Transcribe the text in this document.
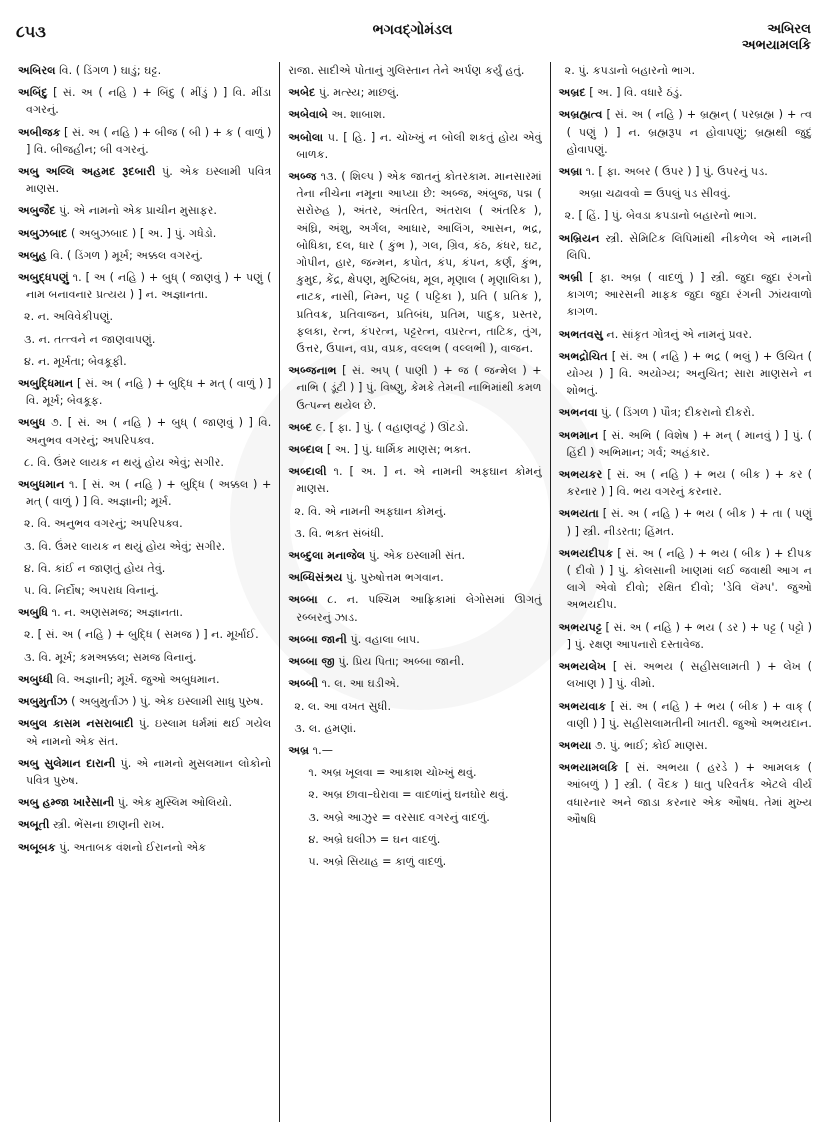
૮૫૩	ભગવદ્ગોમંડલ	અબિરલ
અભયામલકિ

અબિરલ વિ. ( ડિંગળ ) ઘાડું; ઘટ્ટ.

અબિંદુ [ સં. અ ( નહિ ) + બિંદુ ( મીંડું ) ] વિ. મીંડા વગરનું.

અબીજક [ સં. અ ( નહિ ) + બીજ ( બી ) + ક ( વાળું ) ] વિ. બીજહીન; બી વગરનું.

અબુ અલ્લિ અહમદ રૂદબારી પું. એક ઇસ્લામી પવિત્ર માણસ.

અબુજૈદ પું. એ નામનો એક પ્રાચીન મુસાફર.

અબુઝબાદ ( અબુઝબાદ ) [ અ. ] પું. ગધેડો.

અબુહ વિ. ( ડિંગળ ) મૂર્ખ; અક્કલ વગરનું.

અબુદ્ધપણું ૧. [ અ ( નહિ ) + બુધ્ ( જાણવું ) + પણું ( નામ બનાવનાર પ્રત્યય ) ] ન. અજ્ઞાનતા.

૨. ન. અવિવેકીપણું.

૩. ન. તત્ત્વને ન જાણવાપણું.

૪. ન. મૂર્ખતા; બેવકૂફી.

અબુદ્ધિમાન [ સં. અ ( નહિ ) + બુદ્ધિ + મત્ ( વાળું ) ] વિ. મૂર્ખ; બેવકૂફ.

અબુધ ૭. [ સં. અ ( નહિ ) + બુધ્ ( જાણવું ) ] વિ. અનુભવ વગરનું; અપરિપક્વ.

૮. વિ. ઉંમર લાયક ન થયું હોય એવું; સગીર.

અબુધમાન ૧. [ સં. અ ( નહિ ) + બુદ્ધિ ( અક્કલ ) + મત્ ( વાળું ) ] વિ. અજ્ઞાની; મૂર્ખ.

૨. વિ. અનુભવ વગરનું; અપરિપક્વ.

૩. વિ. ઉંમર લાયક ન થયું હોય એવું; સગીર.

૪. વિ. કાંઈ ન જાણતું હોય તેવું.

૫. વિ. નિર્દોષ; અપરાધ વિનાનું.

અબુધિ ૧. ન. અણસમજ; અજ્ઞાનતા.

૨. [ સં. અ ( નહિ ) + બુદ્ધિ ( સમજ ) ] ન. મૂર્ખાઈ.

૩. વિ. મૂર્ખ; કમઅક્કલ; સમજ વિનાનું.

અબુધ્ધી વિ. અજ્ઞાની; મૂર્ખ. જુઓ અબુધમાન.

અબુમુર્તાઝ ( અબુમુર્તાઝ ) પું. એક ઇસ્લામી સાધુ પુરુષ.

અબુલ કાસમ નસરાબાદી પું. ઇસ્લામ ધર્મમાં થઈ ગયેલ એ નામનો એક સંત.

અબુ સુલેમાન દારાની પું. એ નામનો મુસલમાન લોકોનો પવિત્ર પુરુષ.

અબુ હમ્જા ખારેસાની પું. એક મુસ્લિમ ઓલિયો.

અબૂતી સ્ત્રી. ભેંસના છાણની રાખ.

અબૂબક પું. અતાબક વંશનો ઈરાનનો એક

રાજા. સાદીએ પોતાનું ગુલિસ્તાન તેને અર્પણ કર્યું હતું.

અબેદ પું. મત્સ્ય; માછલું.

અબેવાબે અ. શાબાશ.

અબોલા ૫. [ હિ. ] ન. ચોખ્ખું ન બોલી શકતું હોય એવું બાળક.

અબ્જ ૧૩. ( શિલ્પ ) એક જાતનું કોતરકામ. માનસારમાં તેના નીચેના નમૂના આપ્યા છે: અબ્જ, અંબુજ, પદ્મ ( સરોરુહ ), અંતર, અંતરિત, અંતરાલ ( અંતરિક ), અંઘ્રિ, અંશુ, અર્ગલ, આધાર, આલિંગ, આસન, ભદ્ર, બોધિકા, દલ, ધાર ( કુંભ ), ગલ, ગ્રિવ, કંઠ, કંધર, ઘટ, ગોપીન, હાર, જન્મન, કપોત, કંપ, કંપન, કર્ણ, કુંભ, કુમુદ, કેંદ્ર, ક્ષેપણ, મુષ્ટિબંધ, મૂલ, મૃણાલ ( મૃણાલિકા ), નાટક, નાસી, નિમ્ન, પટ્ટ ( પટ્ટિકા ), પ્રતિ ( પ્રતિક ), પ્રતિવક્ર, પ્રતિવાજન, પ્રતિબંધ, પ્રતિમ, પાદુક, પ્રસ્તર, ફલકા, રત્ન, કંપરત્ન, પટ્ટરત્ન, વપ્રરત્ન, તાટિક, તુંગ, ઉત્તર, ઉપાન, વપ્ર, વપ્રક, વલ્લભ ( વલ્લભી ), વાજન.

અબ્જનાભ [ સં. અપ્ ( પાણી ) + જ ( જન્મેલ ) + નાભિ ( ડૂંટી ) ] પું. વિષ્ણુ, કેમકે તેમની નાભિમાંથી કમળ ઉત્પન્ન થયેલ છે.

અબ્દ ૯. [ ફા. ] પું. ( વહાણવટું ) ઊંટડો.

અબ્દાલ [ અ. ] પું. ધાર્મિક માણસ; ભક્ત.

અબ્દાલી ૧. [ અ. ] ન. એ નામની અફઘાન કોમનું માણસ.

૨. વિ. એ નામની અફઘાન કોમનું.

૩. વિ. ભક્ત સંબંધી.

અબ્દુલા મનાજેલ પું. એક ઇસ્લામી સંત.

અબ્ધિસંશ્રય પું. પુરુષોત્તમ ભગવાન.

અબ્બા ૮. ન. પશ્ચિમ આફ્રિકામાં લેગોસમાં ઊગતું રબ્બરનું ઝાડ.

અબ્બા જાની પું. વહાલા બાપ.

અબ્બા જી પું. પ્રિય પિતા; અબ્બા જાની.

અબ્બી ૧. લ. આ ઘડીએ.

૨. લ. આ વખત સુધી.

૩. લ. હમણાં.

અબ્ર ૧.—

૧. અબ્ર ખૂલવા = આકાશ ચોખ્ખું થવું.

૨. અબ્ર છાવા–ઘેરાવા = વાદળાંનું ઘનઘોર થવું.

૩. અબ્રે આઝુર = વરસાદ વગરનું વાદળું.

૪. અબ્રે ઘલીઝ = ઘન વાદળું.

૫. અબ્રે સિયાહ = કાળું વાદળું.

૨. પું. કપડાનો બહારનો ભાગ.

અબ્રદ [ અ. ] વિ. વધારે ઠંડું.

અબ્રહ્મત્વ [ સં. અ ( નહિ ) + બ્રહ્મન્ ( પરબ્રહ્મ ) + ત્વ ( પણું ) ] ન. બ્રહ્મરૂપ ન હોવાપણું; બ્રહ્મથી જુદું હોવાપણું.

અબ્રા ૧. [ ફા. અબર ( ઉપર ) ] પું. ઉપરનું પડ.

અબ્રા ચઢાવવો = ઉપલું પડ સીવવું.

૨. [ હિં. ] પું. બેવડા કપડાનો બહારનો ભાગ.

અબ્રિયન સ્ત્રી. સેમિટિક લિપિમાંથી નીકળેલ એ નામની લિપિ.

અબ્રી [ ફા. અબ્ર ( વાદળું ) ] સ્ત્રી. જુદા જુદા રંગનો કાગળ; આરસની માફક જુદા જુદા રંગની ઝાંયવાળો કાગળ.

અભતવસુ ન. સાંકૃત ગોત્રનું એ નામનું પ્રવર.

અભદ્રોચિત [ સં. અ ( નહિ ) + ભદ્ર ( ભલું ) + ઉચિત ( યોગ્ય ) ] વિ. અયોગ્ય; અનુચિત; સારા માણસને ન શોભતું.

અભનવા પું. ( ડિંગળ ) પૌત્ર; દીકરાનો દીકરો.

અભમાન [ સં. અભિ ( વિશેષ ) + મન્ ( માનવું ) ] પું. ( હિંદી ) અભિમાન; ગર્વ; અહંકાર.

અભયકર [ સં. અ ( નહિ ) + ભય ( બીક ) + કર ( કરનાર ) ] વિ. ભય વગરનું કરનાર.

અભયતા [ સં. અ ( નહિ ) + ભય ( બીક ) + તા ( પણું ) ] સ્ત્રી. નીડરતા; હિંમત.

અભયદીપક [ સં. અ ( નહિ ) + ભય ( બીક ) + દીપક ( દીવો ) ] પું. કોલસાની ખાણમાં લઈ જવાથી આગ ન લાગે એવો દીવો; રક્ષિત દીવો; 'ડેવિ લૅમ્પ'. જુઓ અભયદીપ.

અભયપટ્ટ [ સં. અ ( નહિ ) + ભય ( ડર ) + પટ્ટ ( પટ્ટો ) ] પું. રક્ષણ આપનારો દસ્તાવેજ.

અભયલેખ [ સં. અભય ( સહીસલામતી ) + લેખ ( લખાણ ) ] પું. વીમો.

અભયવાક [ સં. અ ( નહિ ) + ભય ( બીક ) + વાક્ ( વાણી ) ] પું. સહીસલામતીની ખાતરી. જુઓ અભયદાન.

અભયા ૭. પું. ભાઈ; કોઈ માણસ.

અભયામલકિ [ સં. અભયા ( હરડે ) + આમલક ( આંબળું ) ] સ્ત્રી. ( વૈદક ) ધાતુ પરિવર્તક એટલે વીર્ય વધારનાર અને જાડા કરનાર એક ઔષધ. તેમાં મુખ્ય ઔષધિ
